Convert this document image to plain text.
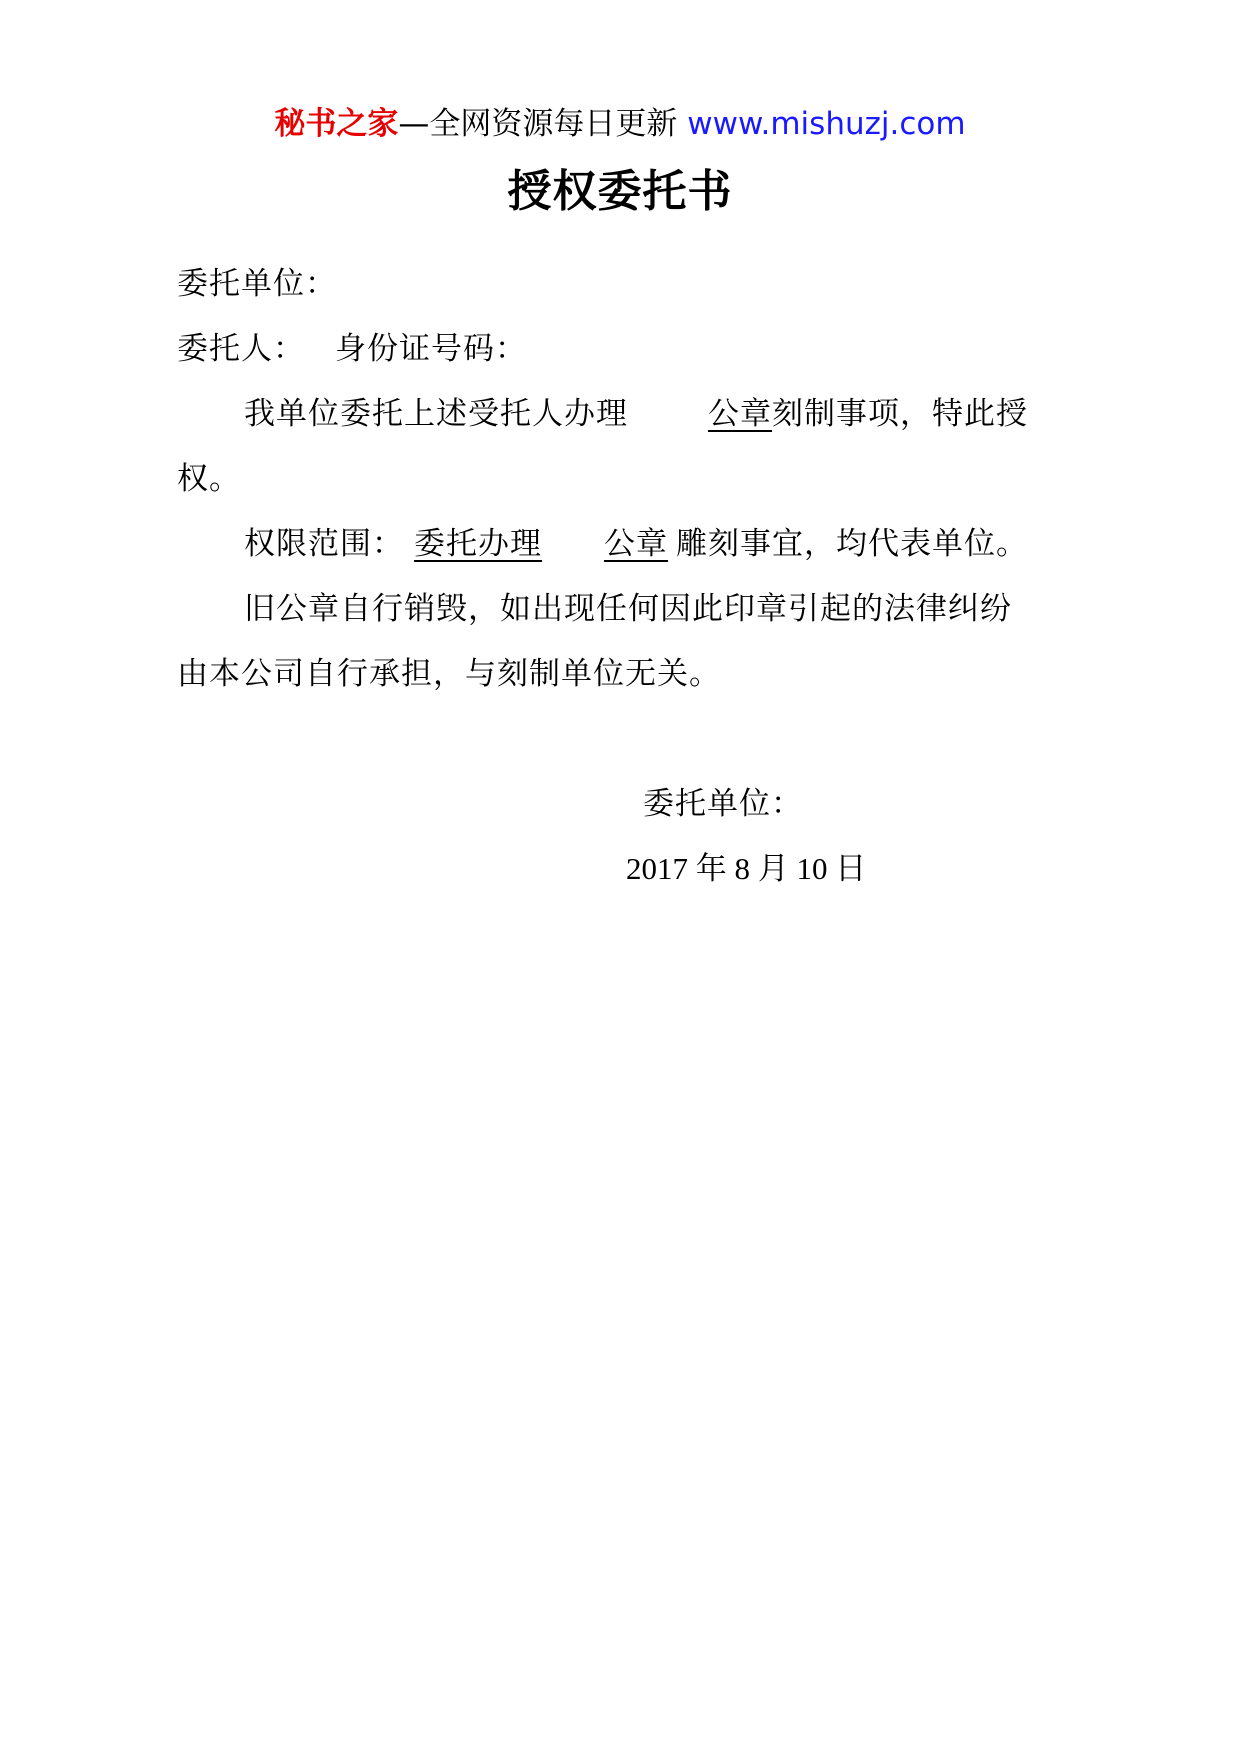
秘书之家—全网资源每日更新 www.mishuzj.com
授权委托书
委托单位：
委托人： 身份证号码：
我单位委托上述受托人办理	公章刻制事项，特此授
权。
权限范围： 委托办理 公章 雕刻事宜，均代表单位。
旧公章自行销毁，如出现任何因此印章引起的法律纠纷
由本公司自行承担，与刻制单位无关。
委托单位：
2017 年 8 月 10 日
